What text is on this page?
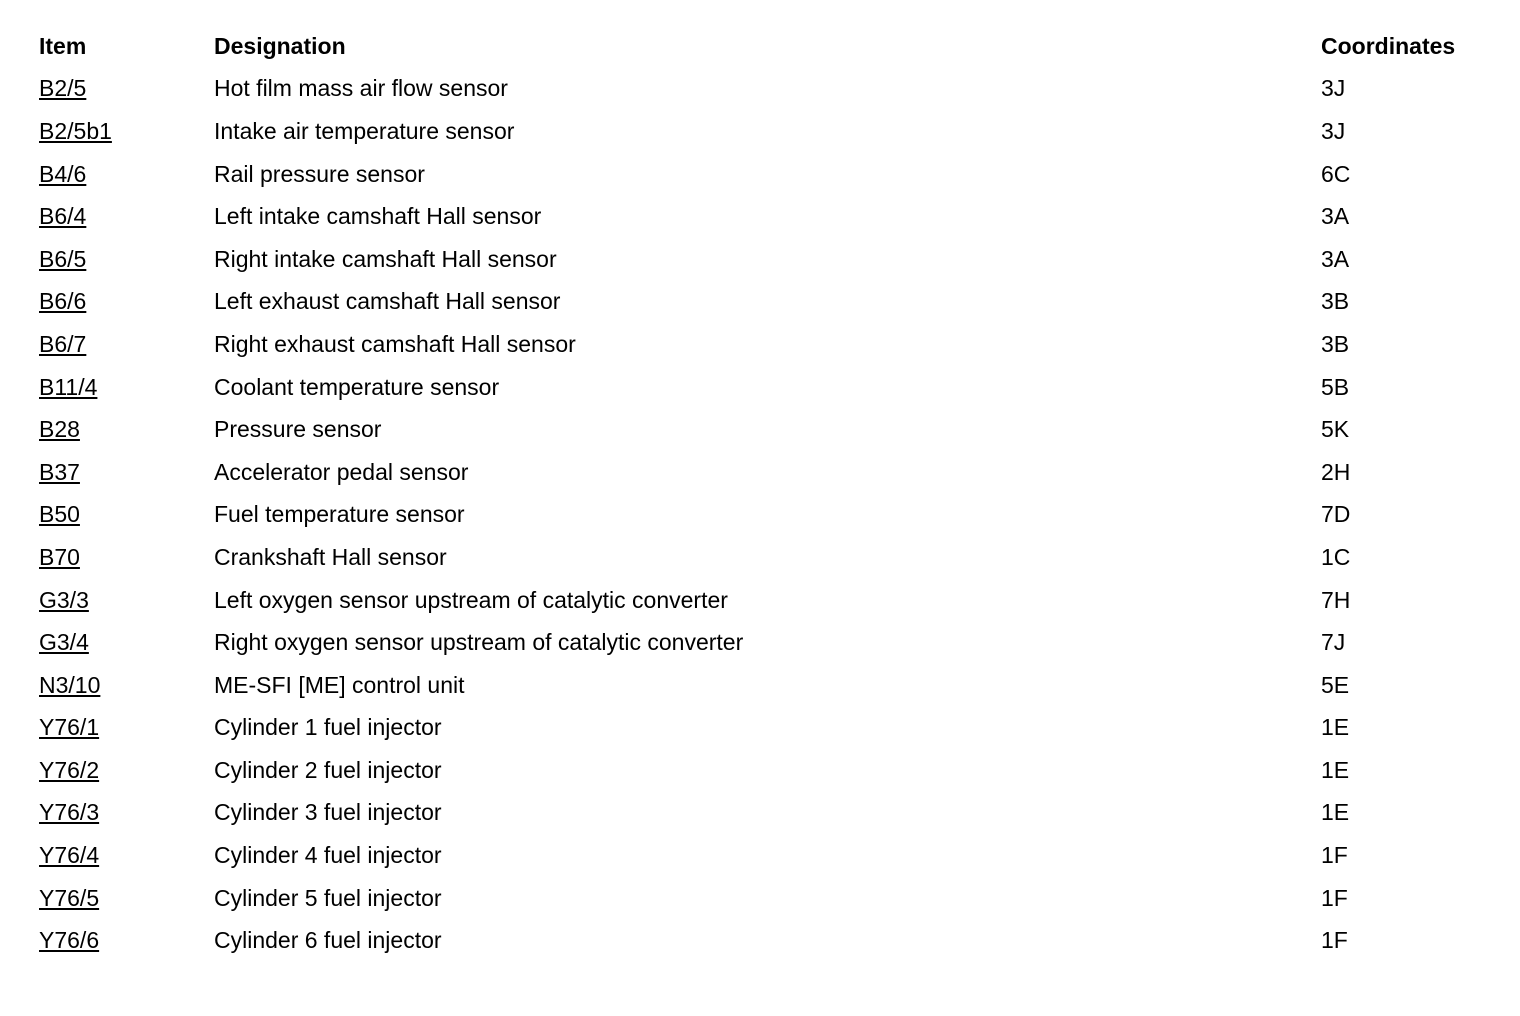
Item	Designation	Coordinates
B2/5	Hot film mass air flow sensor	3J
B2/5b1	Intake air temperature sensor	3J
B4/6	Rail pressure sensor	6C
B6/4	Left intake camshaft Hall sensor	3A
B6/5	Right intake camshaft Hall sensor	3A
B6/6	Left exhaust camshaft Hall sensor	3B
B6/7	Right exhaust camshaft Hall sensor	3B
B11/4	Coolant temperature sensor	5B
B28	Pressure sensor	5K
B37	Accelerator pedal sensor	2H
B50	Fuel temperature sensor	7D
B70	Crankshaft Hall sensor	1C
G3/3	Left oxygen sensor upstream of catalytic converter	7H
G3/4	Right oxygen sensor upstream of catalytic converter	7J
N3/10	ME-SFI [ME] control unit	5E
Y76/1	Cylinder 1 fuel injector	1E
Y76/2	Cylinder 2 fuel injector	1E
Y76/3	Cylinder 3 fuel injector	1E
Y76/4	Cylinder 4 fuel injector	1F
Y76/5	Cylinder 5 fuel injector	1F
Y76/6	Cylinder 6 fuel injector	1F
